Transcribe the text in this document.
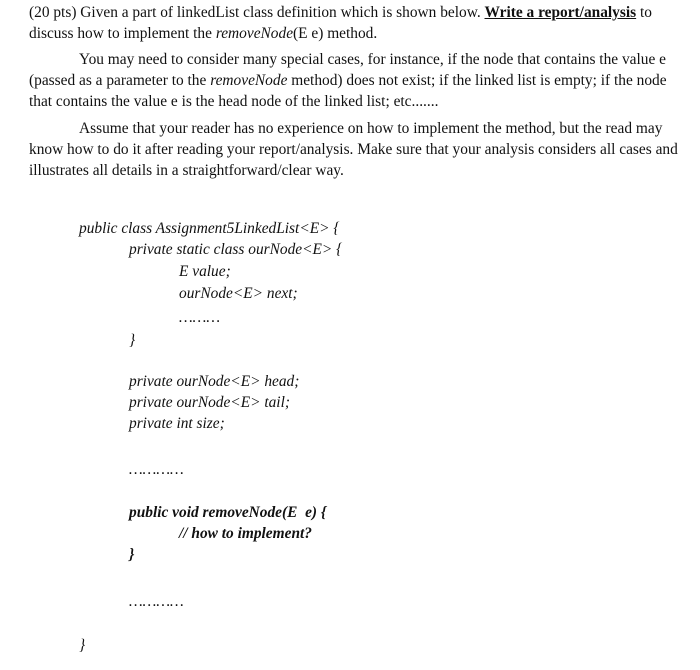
(20 pts) Given a part of linkedList class definition which is shown below. Write a report/analysis to discuss how to implement the removeNode(E e) method.

You may need to consider many special cases, for instance, if the node that contains the value e (passed as a parameter to the removeNode method) does not exist; if the linked list is empty; if the node that contains the value e is the head node of the linked list; etc.......

Assume that your reader has no experience on how to implement the method, but the read may know how to do it after reading your report/analysis. Make sure that your analysis considers all cases and illustrates all details in a straightforward/clear way.

public class Assignment5LinkedList<E> {
private static class ourNode<E> {
E value;
ourNode<E> next;
………
}
private ourNode<E> head;
private ourNode<E> tail;
private int size;
…………
public void removeNode(E  e) {
// how to implement?
}
…………
}
